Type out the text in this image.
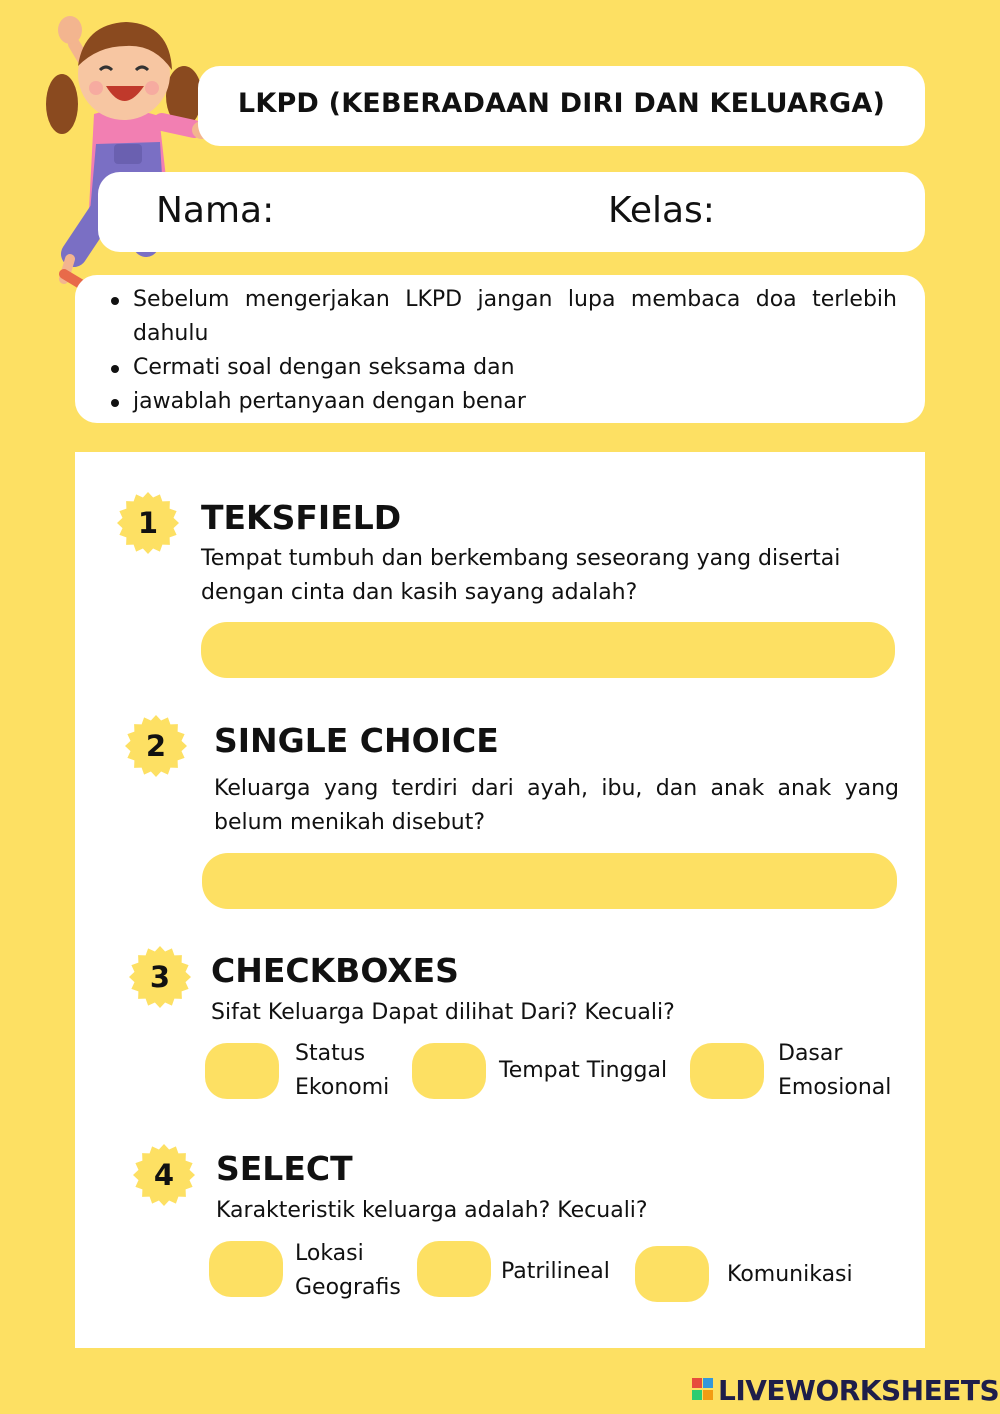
LKPD (KEBERADAAN DIRI DAN KELUARGA)
Nama:	Kelas:
Sebelum mengerjakan LKPD jangan lupa membaca doa terlebih dahulu
Cermati soal dengan seksama dan
jawablah pertanyaan dengan benar
1	TEKSFIELD
Tempat tumbuh dan berkembang seseorang yang disertai dengan cinta dan kasih sayang adalah?
2	SINGLE CHOICE
Keluarga yang terdiri dari ayah, ibu, dan anak anak yang belum menikah disebut?
3	CHECKBOXES
Sifat Keluarga Dapat dilihat Dari? Kecuali?
Status
Ekonomi
Tempat Tinggal
Dasar
Emosional
4	SELECT
Karakteristik keluarga adalah? Kecuali?
Lokasi
Geografis
Patrilineal	Komunikasi
LIVEWORKSHEETS
